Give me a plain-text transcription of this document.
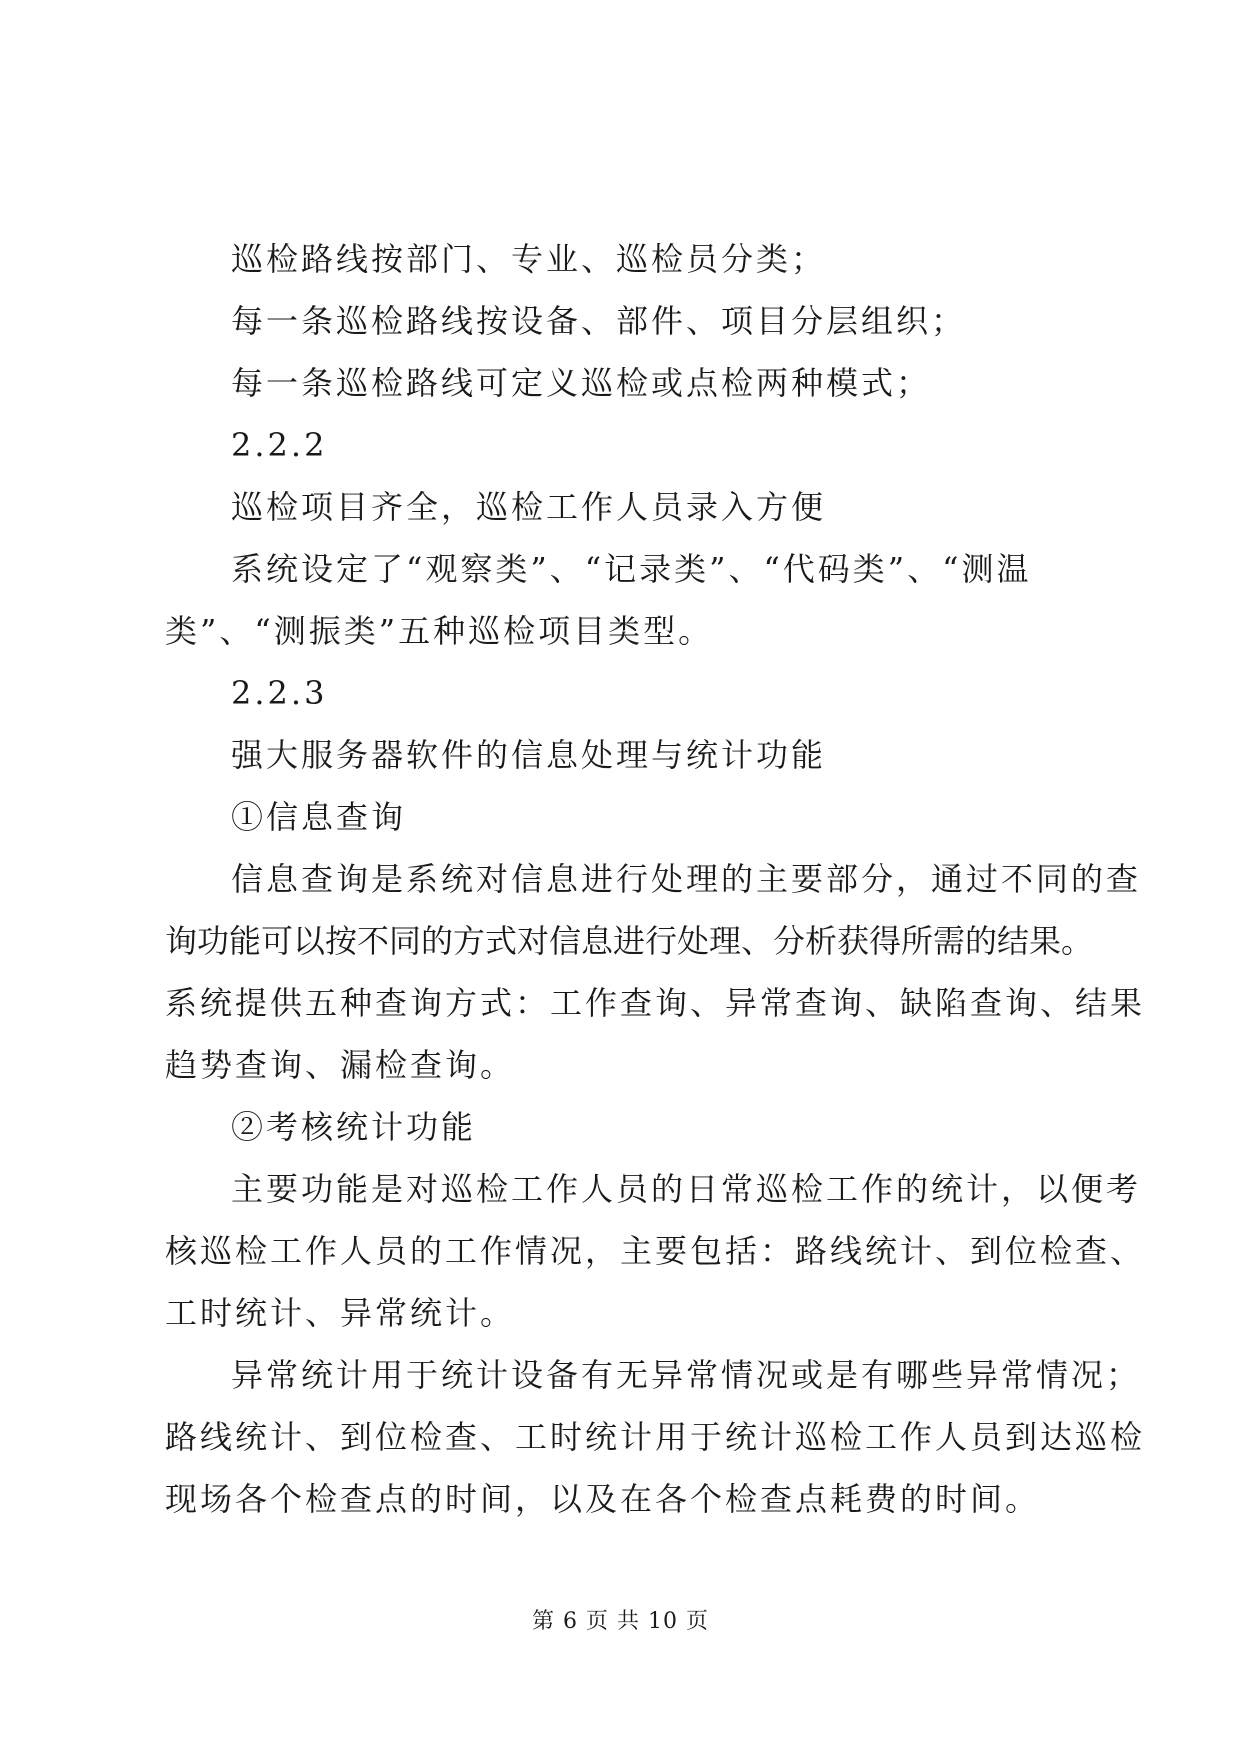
巡检路线按部门、专业、巡检员分类；
每一条巡检路线按设备、部件、项目分层组织；
每一条巡检路线可定义巡检或点检两种模式；
2.2.2
巡检项目齐全，巡检工作人员录入方便
系统设定了“观察类”、“记录类”、“代码类”、“测温
类”、“测振类”五种巡检项目类型。
2.2.3
强大服务器软件的信息处理与统计功能
①信息查询
信息查询是系统对信息进行处理的主要部分，通过不同的查
询功能可以按不同的方式对信息进行处理、分析获得所需的结果。
系统提供五种查询方式：工作查询、异常查询、缺陷查询、结果
趋势查询、漏检查询。
②考核统计功能
主要功能是对巡检工作人员的日常巡检工作的统计，以便考
核巡检工作人员的工作情况，主要包括：路线统计、到位检查、
工时统计、异常统计。
异常统计用于统计设备有无异常情况或是有哪些异常情况；
路线统计、到位检查、工时统计用于统计巡检工作人员到达巡检
现场各个检查点的时间，以及在各个检查点耗费的时间。
第 6 页 共 10 页
